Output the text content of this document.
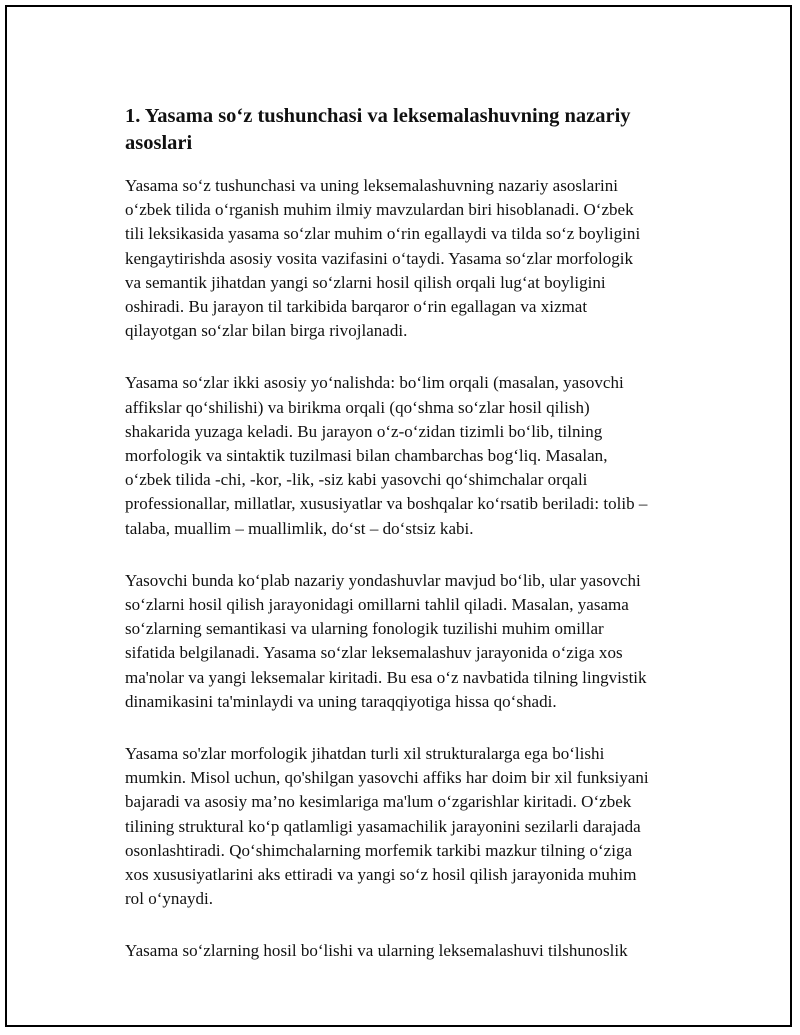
1. Yasama so‘z tushunchasi va leksemalashuvning nazariy
asoslari

Yasama so‘z tushunchasi va uning leksemalashuvning nazariy asoslarini
o‘zbek tilida o‘rganish muhim ilmiy mavzulardan biri hisoblanadi. O‘zbek
tili leksikasida yasama so‘zlar muhim o‘rin egallaydi va tilda so‘z boyligini
kengaytirishda asosiy vosita vazifasini o‘taydi. Yasama so‘zlar morfologik
va semantik jihatdan yangi so‘zlarni hosil qilish orqali lug‘at boyligini
oshiradi. Bu jarayon til tarkibida barqaror o‘rin egallagan va xizmat
qilayotgan so‘zlar bilan birga rivojlanadi.

Yasama so‘zlar ikki asosiy yo‘nalishda: bo‘lim orqali (masalan, yasovchi
affikslar qo‘shilishi) va birikma orqali (qo‘shma so‘zlar hosil qilish)
shakarida yuzaga keladi. Bu jarayon o‘z-o‘zidan tizimli bo‘lib, tilning
morfologik va sintaktik tuzilmasi bilan chambarchas bog‘liq. Masalan,
o‘zbek tilida -chi, -kor, -lik, -siz kabi yasovchi qo‘shimchalar orqali
professionallar, millatlar, xususiyatlar va boshqalar ko‘rsatib beriladi: tolib –
talaba, muallim – muallimlik, do‘st – do‘stsiz kabi.

Yasovchi bunda ko‘plab nazariy yondashuvlar mavjud bo‘lib, ular yasovchi
so‘zlarni hosil qilish jarayonidagi omillarni tahlil qiladi. Masalan, yasama
so‘zlarning semantikasi va ularning fonologik tuzilishi muhim omillar
sifatida belgilanadi. Yasama so‘zlar leksemalashuv jarayonida o‘ziga xos
ma'nolar va yangi leksemalar kiritadi. Bu esa o‘z navbatida tilning lingvistik
dinamikasini ta'minlaydi va uning taraqqiyotiga hissa qo‘shadi.

Yasama so'zlar morfologik jihatdan turli xil strukturalarga ega bo‘lishi
mumkin. Misol uchun, qo'shilgan yasovchi affiks har doim bir xil funksiyani
bajaradi va asosiy ma’no kesimlariga ma'lum o‘zgarishlar kiritadi. O‘zbek
tilining struktural ko‘p qatlamligi yasamachilik jarayonini sezilarli darajada
osonlashtiradi. Qo‘shimchalarning morfemik tarkibi mazkur tilning o‘ziga
xos xususiyatlarini aks ettiradi va yangi so‘z hosil qilish jarayonida muhim
rol o‘ynaydi.

Yasama so‘zlarning hosil bo‘lishi va ularning leksemalashuvi tilshunoslik
